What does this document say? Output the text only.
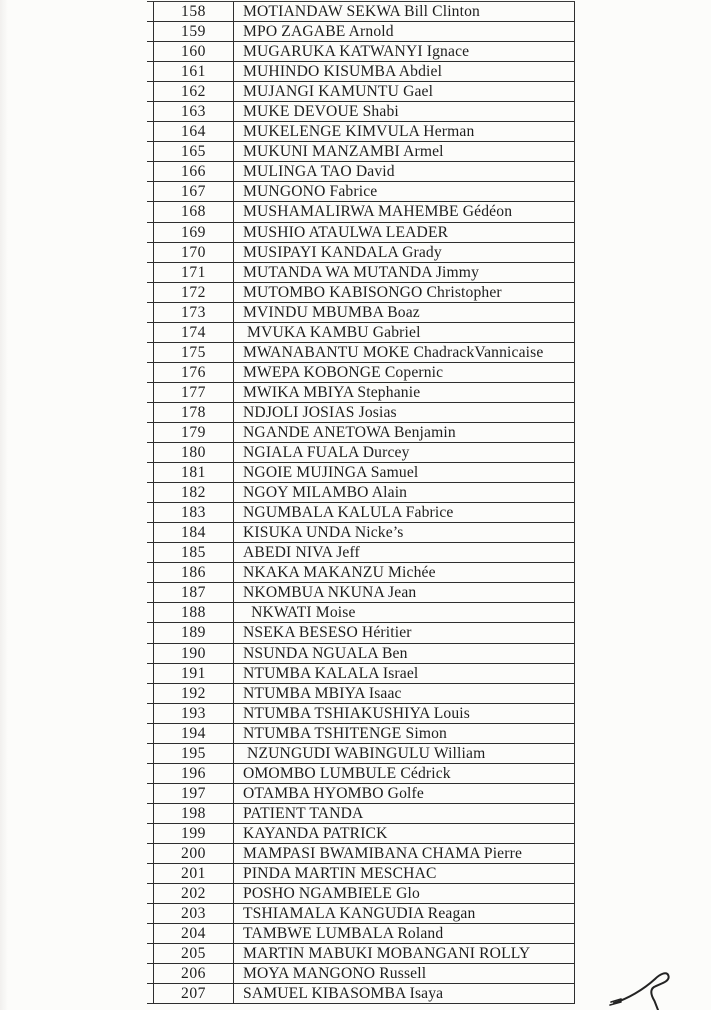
158	MOTIANDAW SEKWA Bill Clinton
159	MPO ZAGABE Arnold
160	MUGARUKA KATWANYI Ignace
161	MUHINDO KISUMBA Abdiel
162	MUJANGI KAMUNTU Gael
163	MUKE DEVOUE Shabi
164	MUKELENGE KIMVULA Herman
165	MUKUNI MANZAMBI Armel
166	MULINGA TAO David
167	MUNGONO Fabrice
168	MUSHAMALIRWA MAHEMBE Gédéon
169	MUSHIO ATAULWA LEADER
170	MUSIPAYI KANDALA Grady
171	MUTANDA WA MUTANDA Jimmy
172	MUTOMBO KABISONGO Christopher
173	MVINDU MBUMBA Boaz
174	MVUKA KAMBU Gabriel
175	MWANABANTU MOKE ChadrackVannicaise
176	MWEPA KOBONGE Copernic
177	MWIKA MBIYA Stephanie
178	NDJOLI JOSIAS Josias
179	NGANDE ANETOWA Benjamin
180	NGIALA FUALA Durcey
181	NGOIE MUJINGA Samuel
182	NGOY MILAMBO Alain
183	NGUMBALA KALULA Fabrice
184	KISUKA UNDA Nicke’s
185	ABEDI NIVA Jeff
186	NKAKA MAKANZU Michée
187	NKOMBUA NKUNA Jean
188	NKWATI Moise
189	NSEKA BESESO Héritier
190	NSUNDA NGUALA Ben
191	NTUMBA KALALA Israel
192	NTUMBA MBIYA Isaac
193	NTUMBA TSHIAKUSHIYA Louis
194	NTUMBA TSHITENGE Simon
195	NZUNGUDI WABINGULU William
196	OMOMBO LUMBULE Cédrick
197	OTAMBA HYOMBO Golfe
198	PATIENT TANDA
199	KAYANDA PATRICK
200	MAMPASI BWAMIBANA CHAMA Pierre
201	PINDA MARTIN MESCHAC
202	POSHO NGAMBIELE Glo
203	TSHIAMALA KANGUDIA Reagan
204	TAMBWE LUMBALA Roland
205	MARTIN MABUKI MOBANGANI ROLLY
206	MOYA MANGONO Russell
207	SAMUEL KIBASOMBA Isaya
